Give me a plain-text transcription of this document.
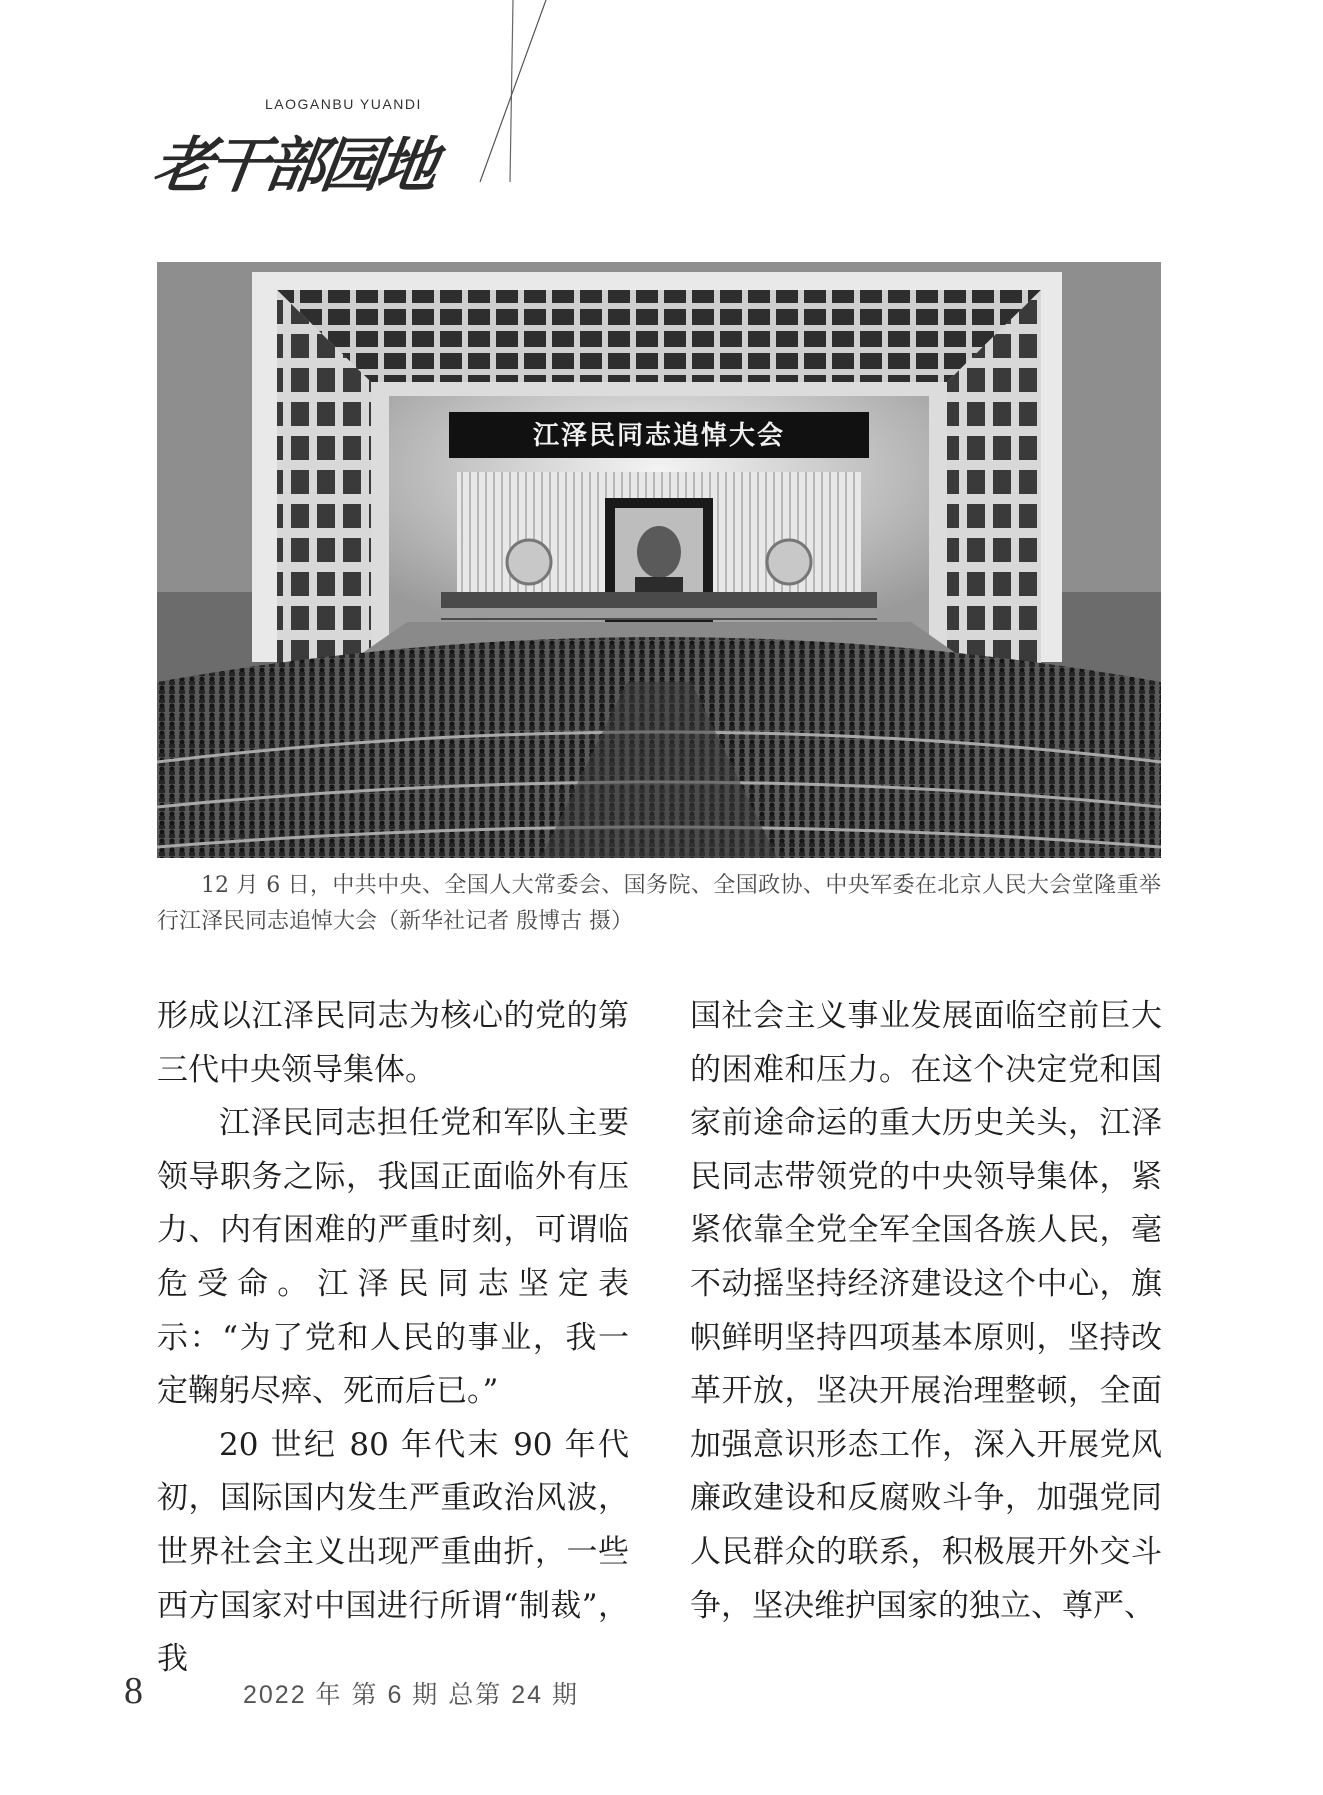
LAOGANBU YUANDI
老干部园地
江泽民同志追悼大会
12 月 6 日，中共中央、全国人大常委会、国务院、全国政协、中央军委在北京人民大会堂隆重举行江泽民同志追悼大会（新华社记者 殷博古 摄）

形成以江泽民同志为核心的党的第三代中央领导集体。

江泽民同志担任党和军队主要领导职务之际，我国正面临外有压力、内有困难的严重时刻，可谓临危受命。江泽民同志坚定表示：“为了党和人民的事业，我一定鞠躬尽瘁、死而后已。”

20 世纪 80 年代末 90 年代初，国际国内发生严重政治风波，世界社会主义出现严重曲折，一些西方国家对中国进行所谓“制裁”，我

国社会主义事业发展面临空前巨大的困难和压力。在这个决定党和国家前途命运的重大历史关头，江泽民同志带领党的中央领导集体，紧紧依靠全党全军全国各族人民，毫不动摇坚持经济建设这个中心，旗帜鲜明坚持四项基本原则，坚持改革开放，坚决开展治理整顿，全面加强意识形态工作，深入开展党风廉政建设和反腐败斗争，加强党同人民群众的联系，积极展开外交斗争，坚决维护国家的独立、尊严、

8	2022 年 第 6 期 总第 24 期
